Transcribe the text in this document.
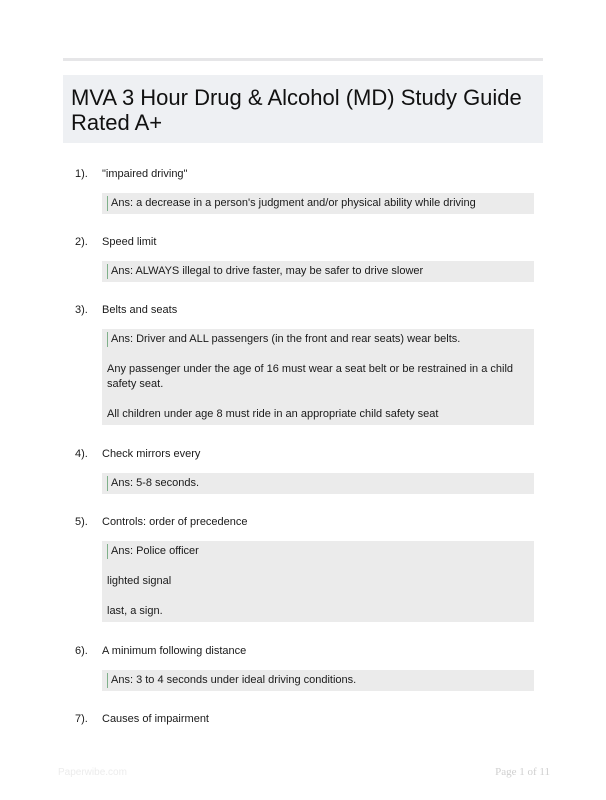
MVA 3 Hour Drug & Alcohol (MD) Study Guide Rated A+
1). "impaired driving"

Ans: a decrease in a person's judgment and/or physical ability while driving

2). Speed limit

Ans: ALWAYS illegal to drive faster, may be safer to drive slower

3). Belts and seats

Ans: Driver and ALL passengers (in the front and rear seats) wear belts.

Any passenger under the age of 16 must wear a seat belt or be restrained in a child safety seat.

All children under age 8 must ride in an appropriate child safety seat

4). Check mirrors every

Ans: 5-8 seconds.

5). Controls: order of precedence

Ans: Police officer

lighted signal

last, a sign.

6). A minimum following distance

Ans: 3 to 4 seconds under ideal driving conditions.

7). Causes of impairment
Paperwibe.com	Page 1 of 11
